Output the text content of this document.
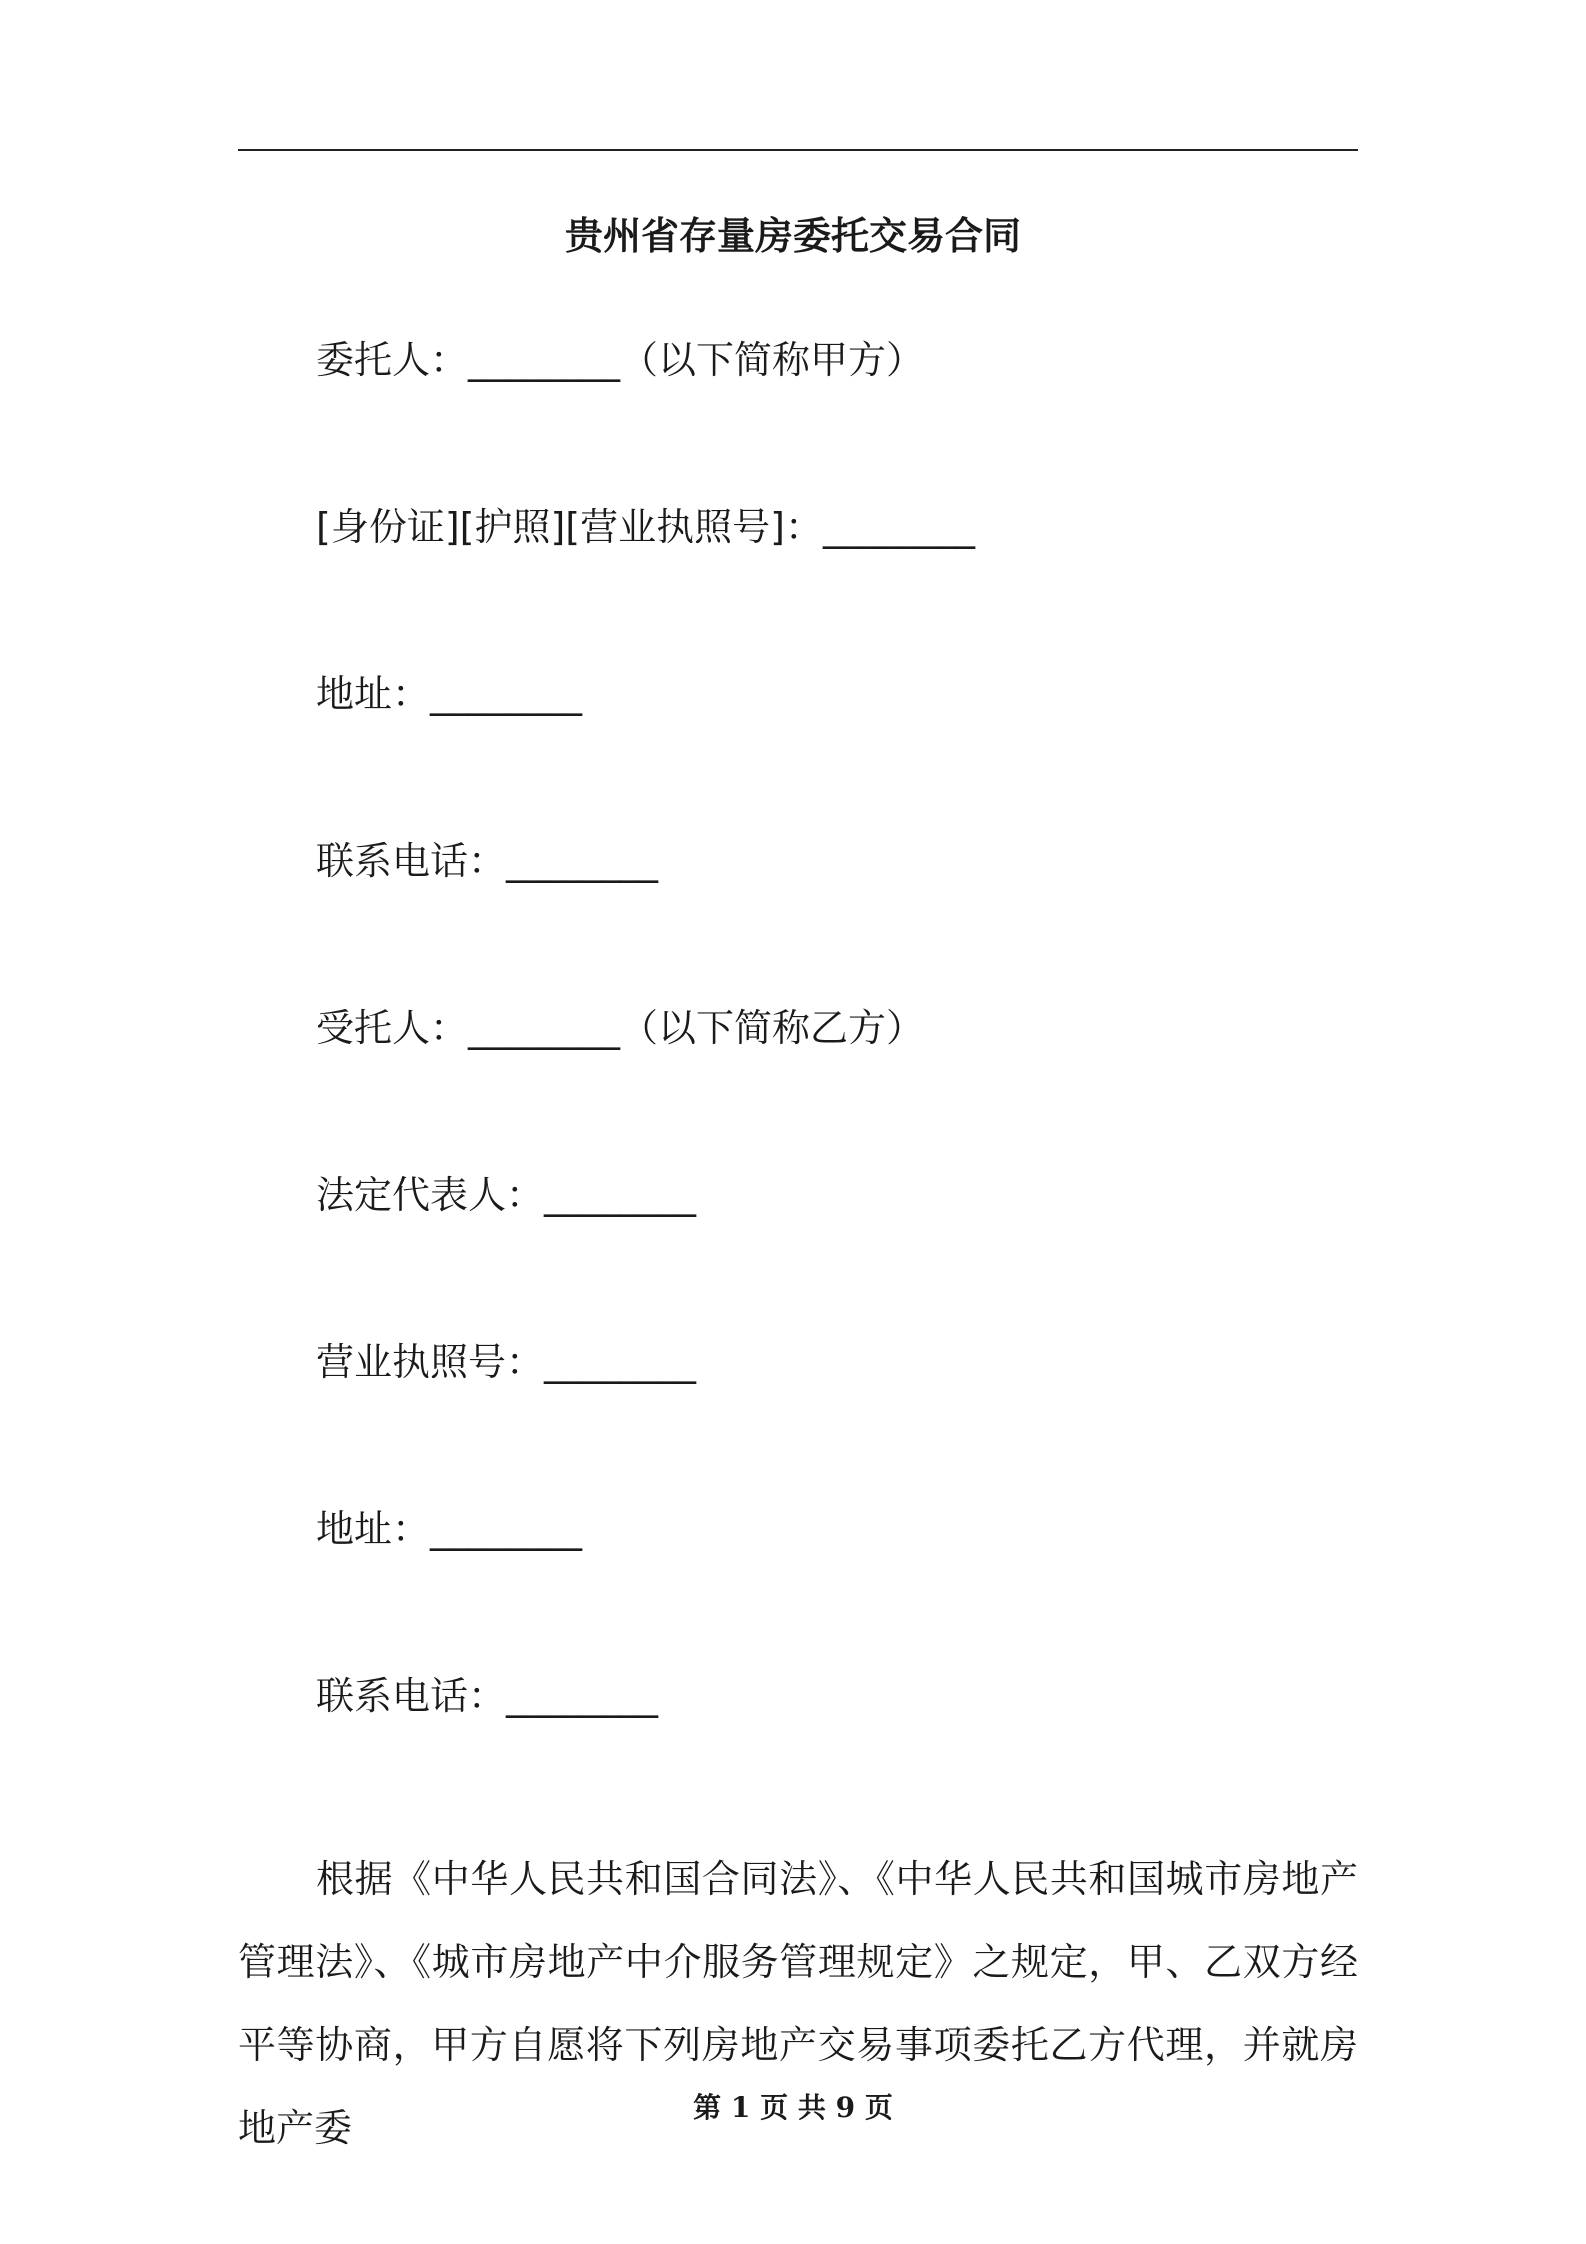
贵州省存量房委托交易合同
委托人：________（以下简称甲方）
[身份证][护照][营业执照号]：________
地址：________
联系电话：________
受托人：________（以下简称乙方）
法定代表人：________
营业执照号：________
地址：________
联系电话：________
根据《中华人民共和国合同法》、《中华人民共和国城市房地产管理法》、《城市房地产中介服务管理规定》之规定，甲、乙双方经平等协商，甲方自愿将下列房地产交易事项委托乙方代理，并就房地产委	第 1 页 共 9 页
